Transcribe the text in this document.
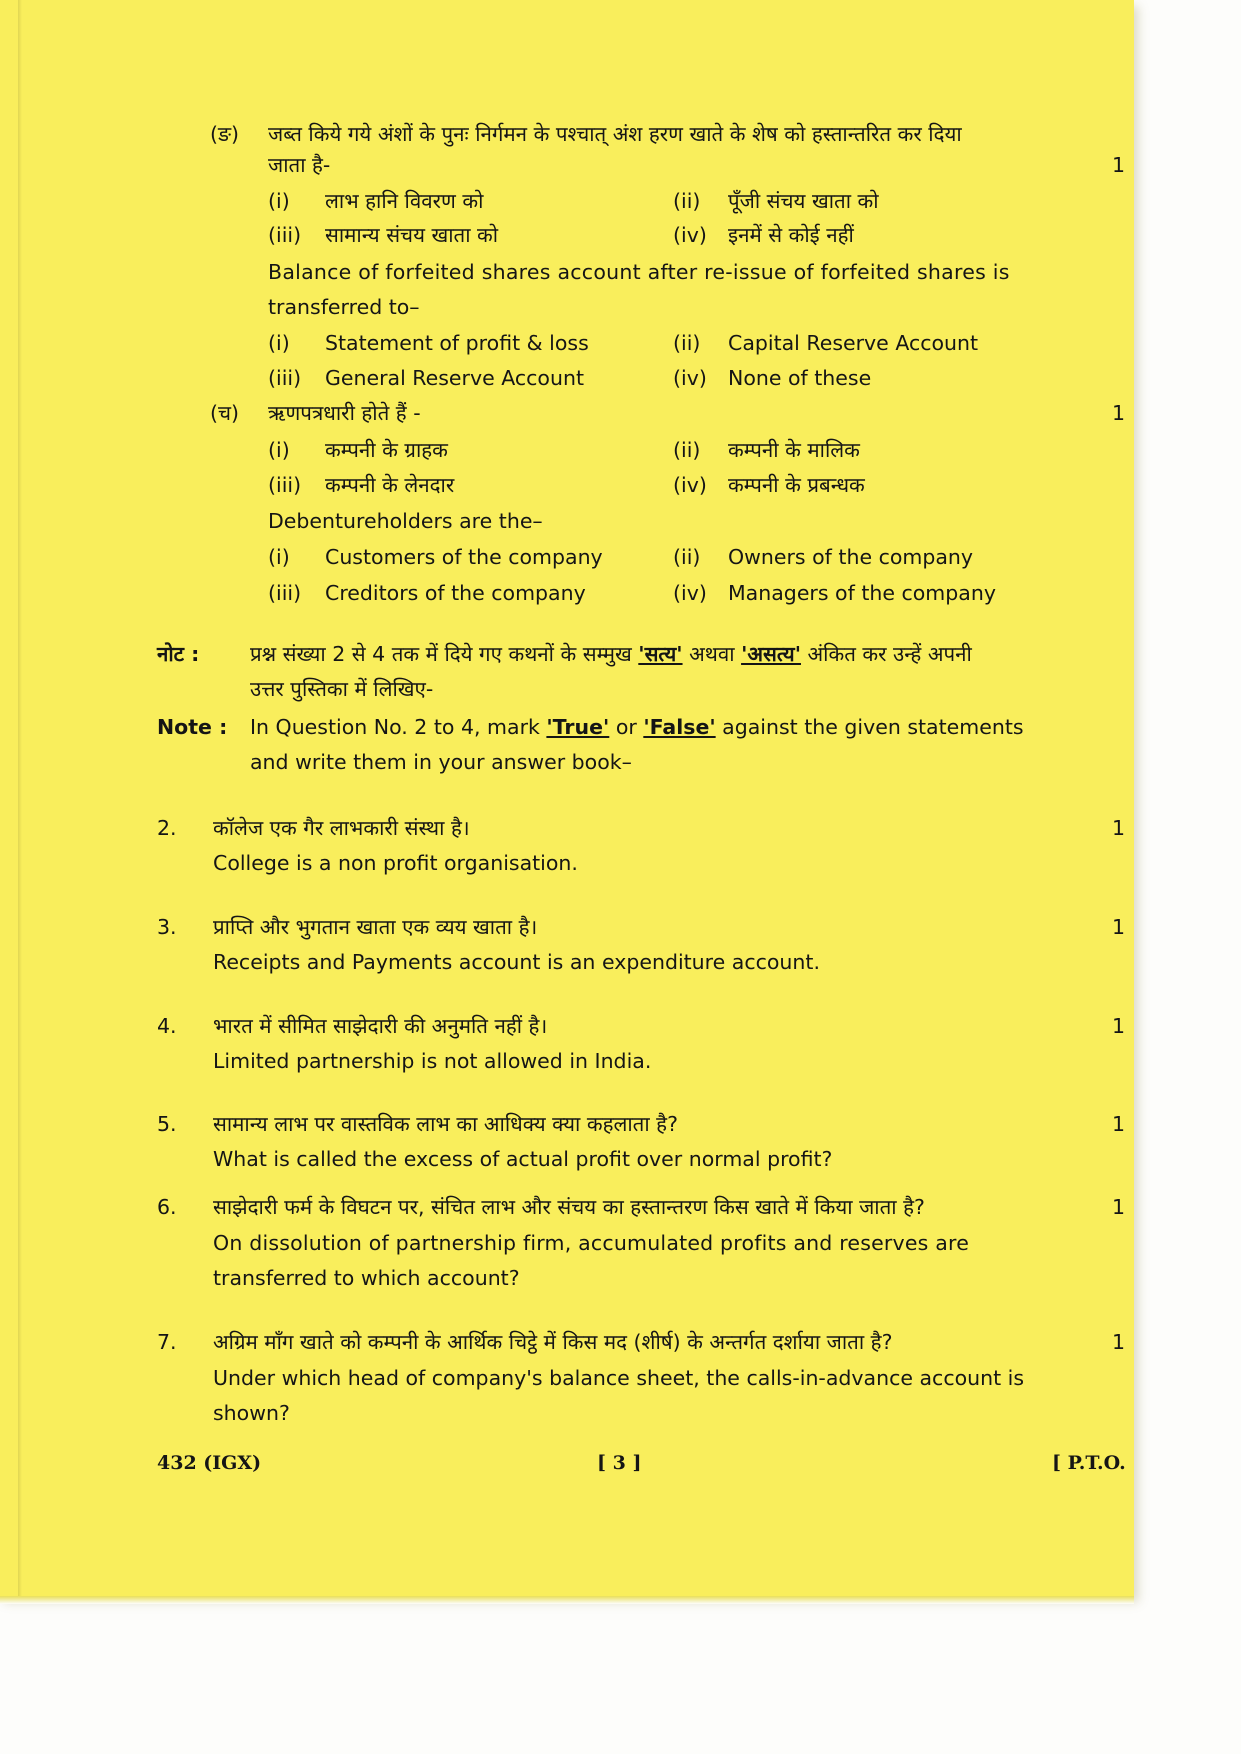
(ङ) जब्त किये गये अंशों के पुनः निर्गमन के पश्चात् अंश हरण खाते के शेष को हस्तान्तरित कर दिया
जाता है-	1
(i) लाभ हानि विवरण को	(ii) पूँजी संचय खाता को
(iii) सामान्य संचय खाता को	(iv) इनमें से कोई नहीं
Balance of forfeited shares account after re-issue of forfeited shares is
transferred to–
(i) Statement of profit & loss	(ii) Capital Reserve Account
(iii) General Reserve Account	(iv) None of these
(च) ऋणपत्रधारी होते हैं -	1
(i) कम्पनी के ग्राहक	(ii) कम्पनी के मालिक
(iii) कम्पनी के लेनदार	(iv) कम्पनी के प्रबन्धक
Debentureholders are the–
(i) Customers of the company	(ii) Owners of the company
(iii) Creditors of the company	(iv) Managers of the company
नोट : प्रश्न संख्या 2 से 4 तक में दिये गए कथनों के सम्मुख 'सत्य' अथवा 'असत्य' अंकित कर उन्हें अपनी
उत्तर पुस्तिका में लिखिए-
Note : In Question No. 2 to 4, mark 'True' or 'False' against the given statements
and write them in your answer book–
2. कॉलेज एक गैर लाभकारी संस्था है।	1
College is a non profit organisation.
3. प्राप्ति और भुगतान खाता एक व्यय खाता है।	1
Receipts and Payments account is an expenditure account.
4. भारत में सीमित साझेदारी की अनुमति नहीं है।	1
Limited partnership is not allowed in India.
5. सामान्य लाभ पर वास्तविक लाभ का आधिक्य क्या कहलाता है?	1
What is called the excess of actual profit over normal profit?
6. साझेदारी फर्म के विघटन पर, संचित लाभ और संचय का हस्तान्तरण किस खाते में किया जाता है?	1
On dissolution of partnership firm, accumulated profits and reserves are
transferred to which account?
7. अग्रिम माँग खाते को कम्पनी के आर्थिक चिट्ठे में किस मद (शीर्ष) के अन्तर्गत दर्शाया जाता है?	1
Under which head of company's balance sheet, the calls-in-advance account is
shown?
432 (IGX)	[ 3 ]	[ P.T.O.
